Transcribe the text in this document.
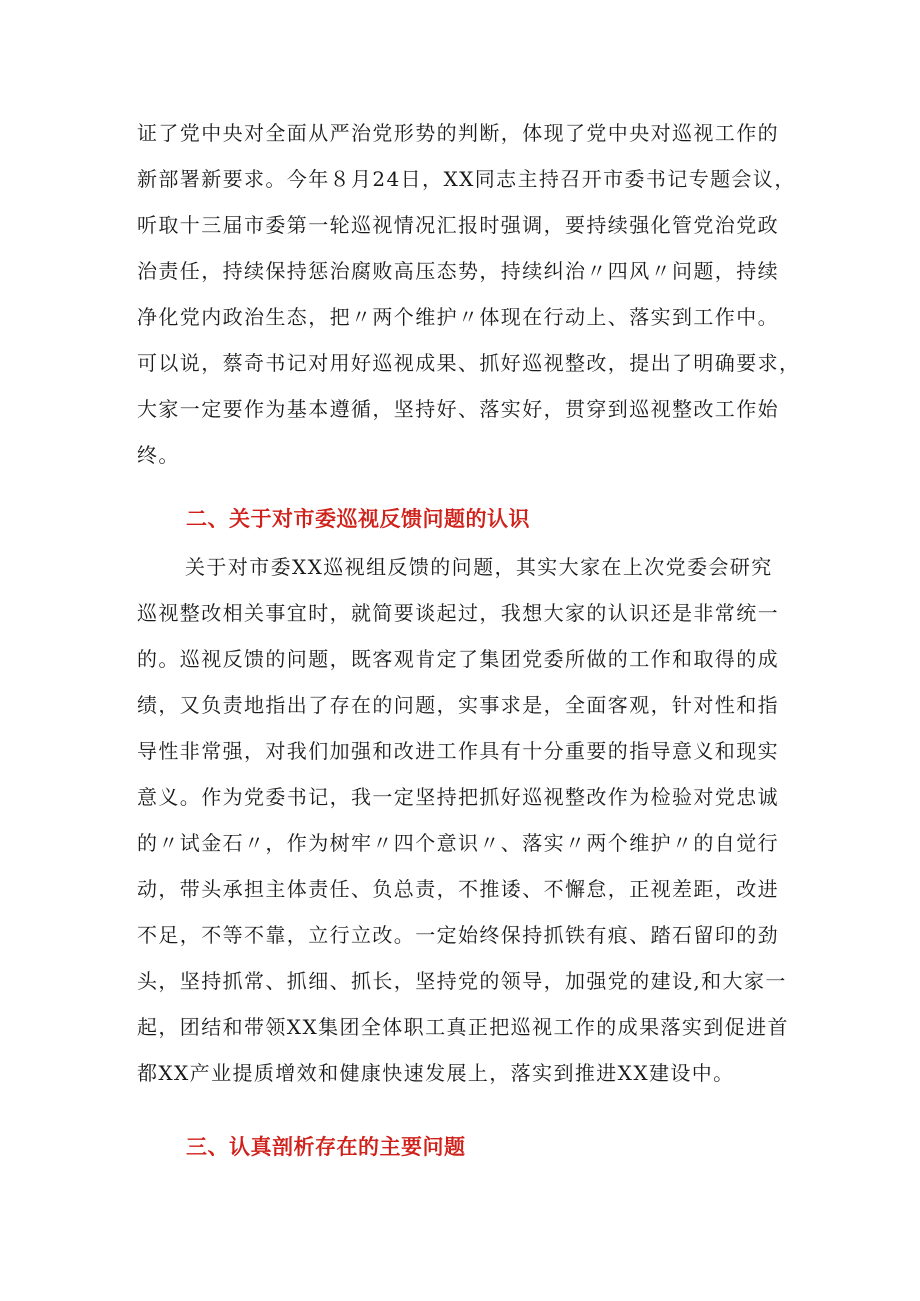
证了党中央对全面从严治党形势的判断，体现了党中央对巡视工作的
新部署新要求。今年８月24日，XX同志主持召开市委书记专题会议，
听取十三届市委第一轮巡视情况汇报时强调，要持续强化管党治党政
治责任，持续保持惩治腐败高压态势，持续纠治〃四风〃问题，持续
净化党内政治生态，把〃两个维护〃体现在行动上、落实到工作中。
可以说，蔡奇书记对用好巡视成果、抓好巡视整改，提出了明确要求，
大家一定要作为基本遵循，坚持好、落实好，贯穿到巡视整改工作始
终。
二、关于对市委巡视反馈问题的认识
关于对市委XX巡视组反馈的问题，其实大家在上次党委会研究
巡视整改相关事宜时，就简要谈起过，我想大家的认识还是非常统一
的。巡视反馈的问题，既客观肯定了集团党委所做的工作和取得的成
绩，又负责地指出了存在的问题，实事求是，全面客观，针对性和指
导性非常强，对我们加强和改进工作具有十分重要的指导意义和现实
意义。作为党委书记，我一定坚持把抓好巡视整改作为检验对党忠诚
的〃试金石〃，作为树牢〃四个意识〃、落实〃两个维护〃的自觉行
动，带头承担主体责任、负总责，不推诿、不懈怠，正视差距，改进
不足，不等不靠，立行立改。一定始终保持抓铁有痕、踏石留印的劲
头，坚持抓常、抓细、抓长，坚持党的领导，加强党的建设,和大家一
起，团结和带领XX集团全体职工真正把巡视工作的成果落实到促进首
都XX产业提质增效和健康快速发展上，落实到推进XX建设中。
三、认真剖析存在的主要问题
